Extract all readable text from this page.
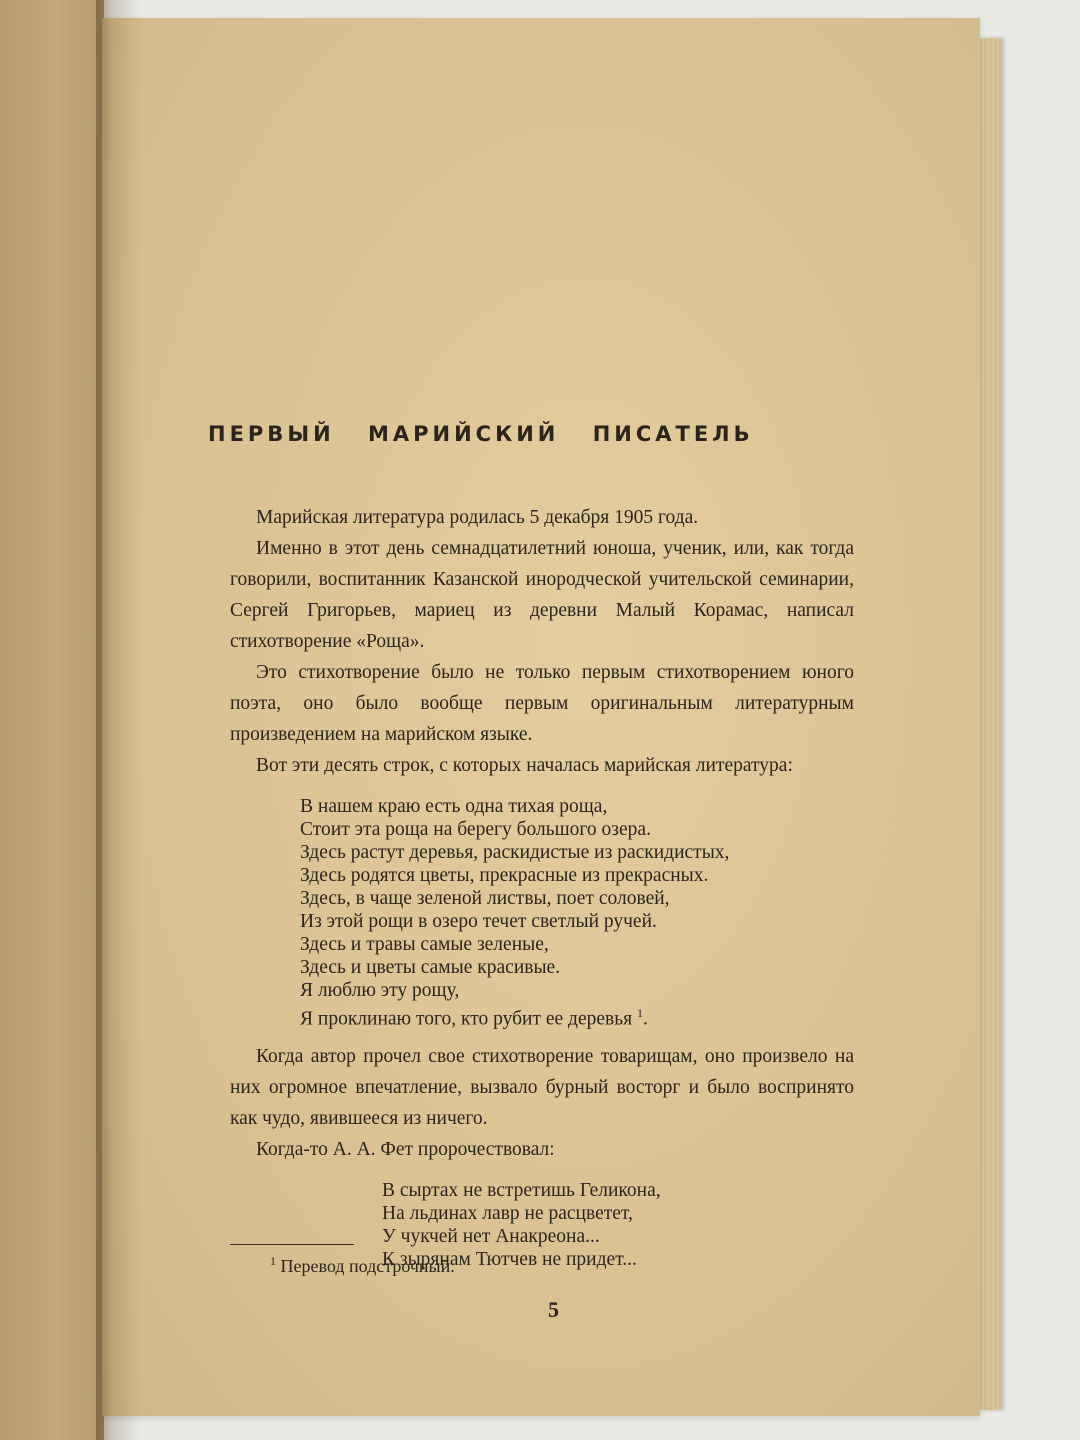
ПЕРВЫЙ МАРИЙСКИЙ ПИСАТЕЛЬ

Марийская литература родилась 5 декабря 1905 года.

Именно в этот день семнадцатилетний юноша, ученик, или, как тогда говорили, воспитанник Казанской инородческой учительской семинарии, Сергей Григорьев, мариец из деревни Малый Корамас, написал стихотворение «Роща».

Это стихотворение было не только первым стихотворением юного поэта, оно было вообще первым оригинальным литературным произведением на марийском языке.

Вот эти десять строк, с которых началась марийская литература:

В нашем краю есть одна тихая роща,
Стоит эта роща на берегу большого озера.
Здесь растут деревья, раскидистые из раскидистых,
Здесь родятся цветы, прекрасные из прекрасных.
Здесь, в чаще зеленой листвы, поет соловей,
Из этой рощи в озеро течет светлый ручей.
Здесь и травы самые зеленые,
Здесь и цветы самые красивые.
Я люблю эту рощу,
Я проклинаю того, кто рубит ее деревья $^1$.

Когда автор прочел свое стихотворение товарищам, оно произвело на них огромное впечатление, вызвало бурный восторг и было воспринято как чудо, явившееся из ничего.

Когда-то А. А. Фет пророчествовал:

В сыртах не встретишь Геликона,
На льдинах лавр не расцветет,
У чукчей нет Анакреона...
К зырянам Тютчев не придет...
$^1$ Перевод подстрочный.
5
